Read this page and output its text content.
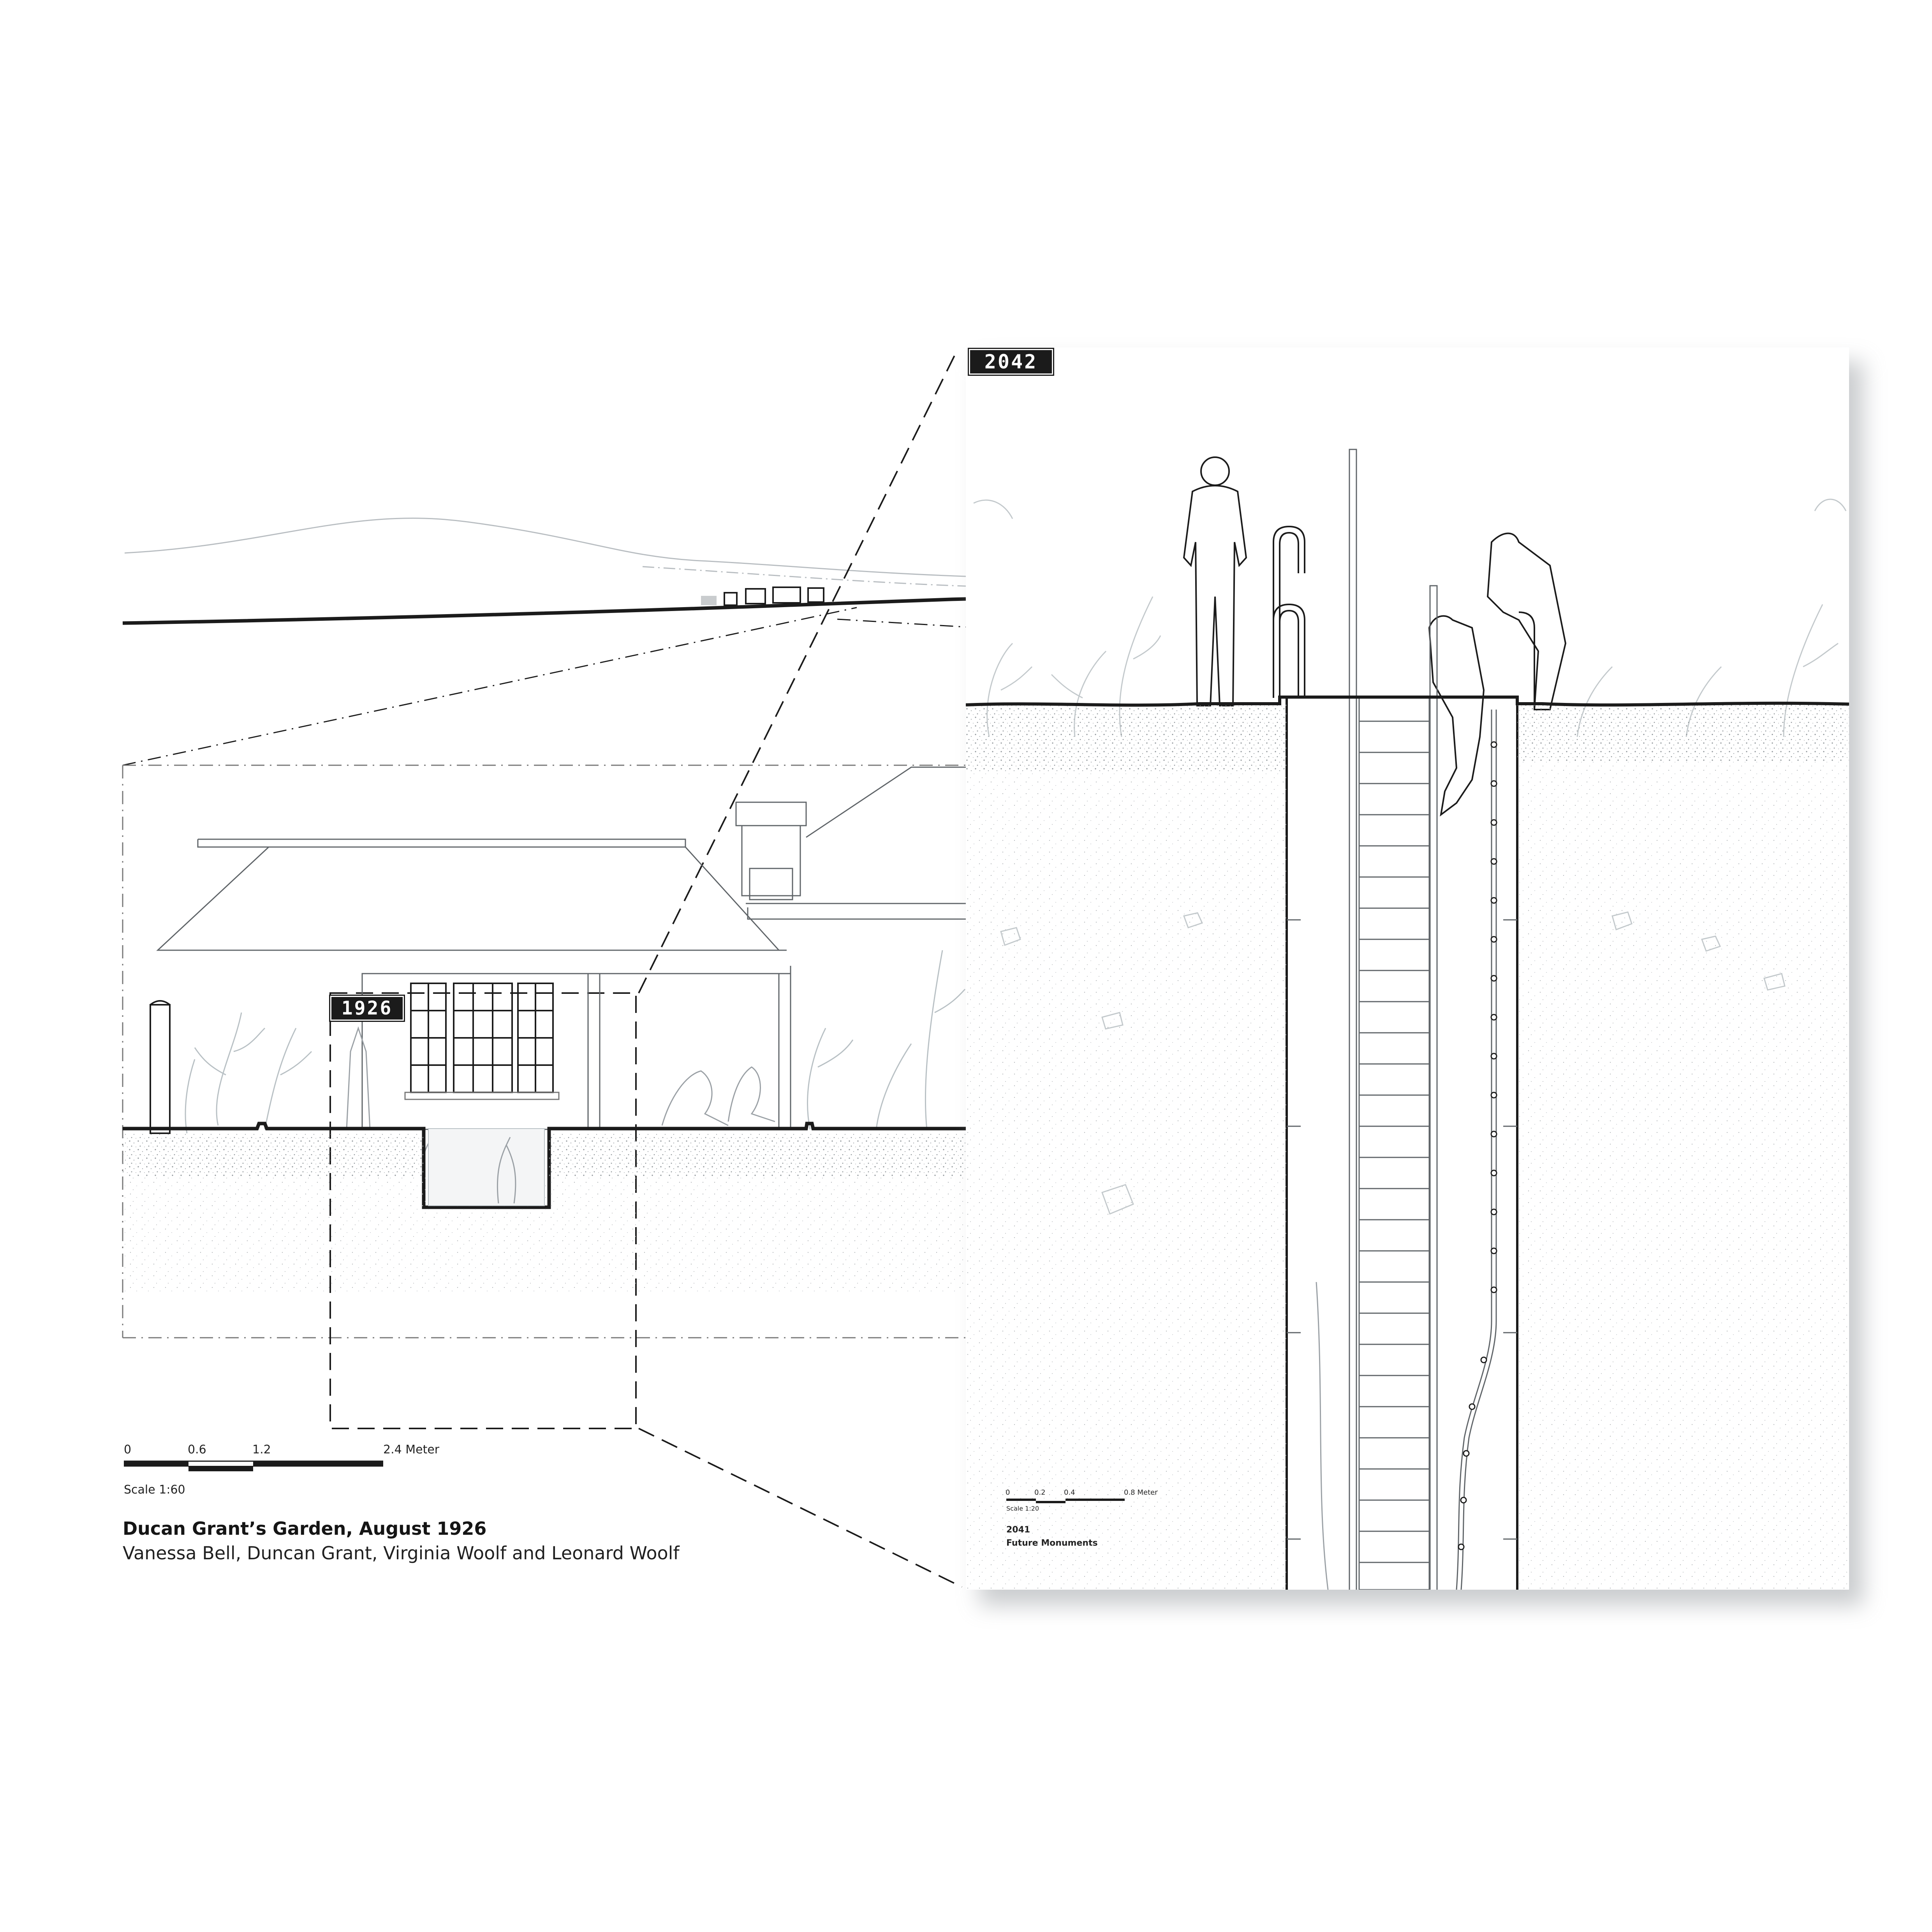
0	0.2	0.4	0.8 Meter
Scale 1:20
2041
Future Monuments
1926
2042
0	0.6	1.2	2.4 Meter
Scale 1:60
Ducan Grant’s Garden, August 1926
Vanessa Bell, Duncan Grant, Virginia Woolf and Leonard Woolf
